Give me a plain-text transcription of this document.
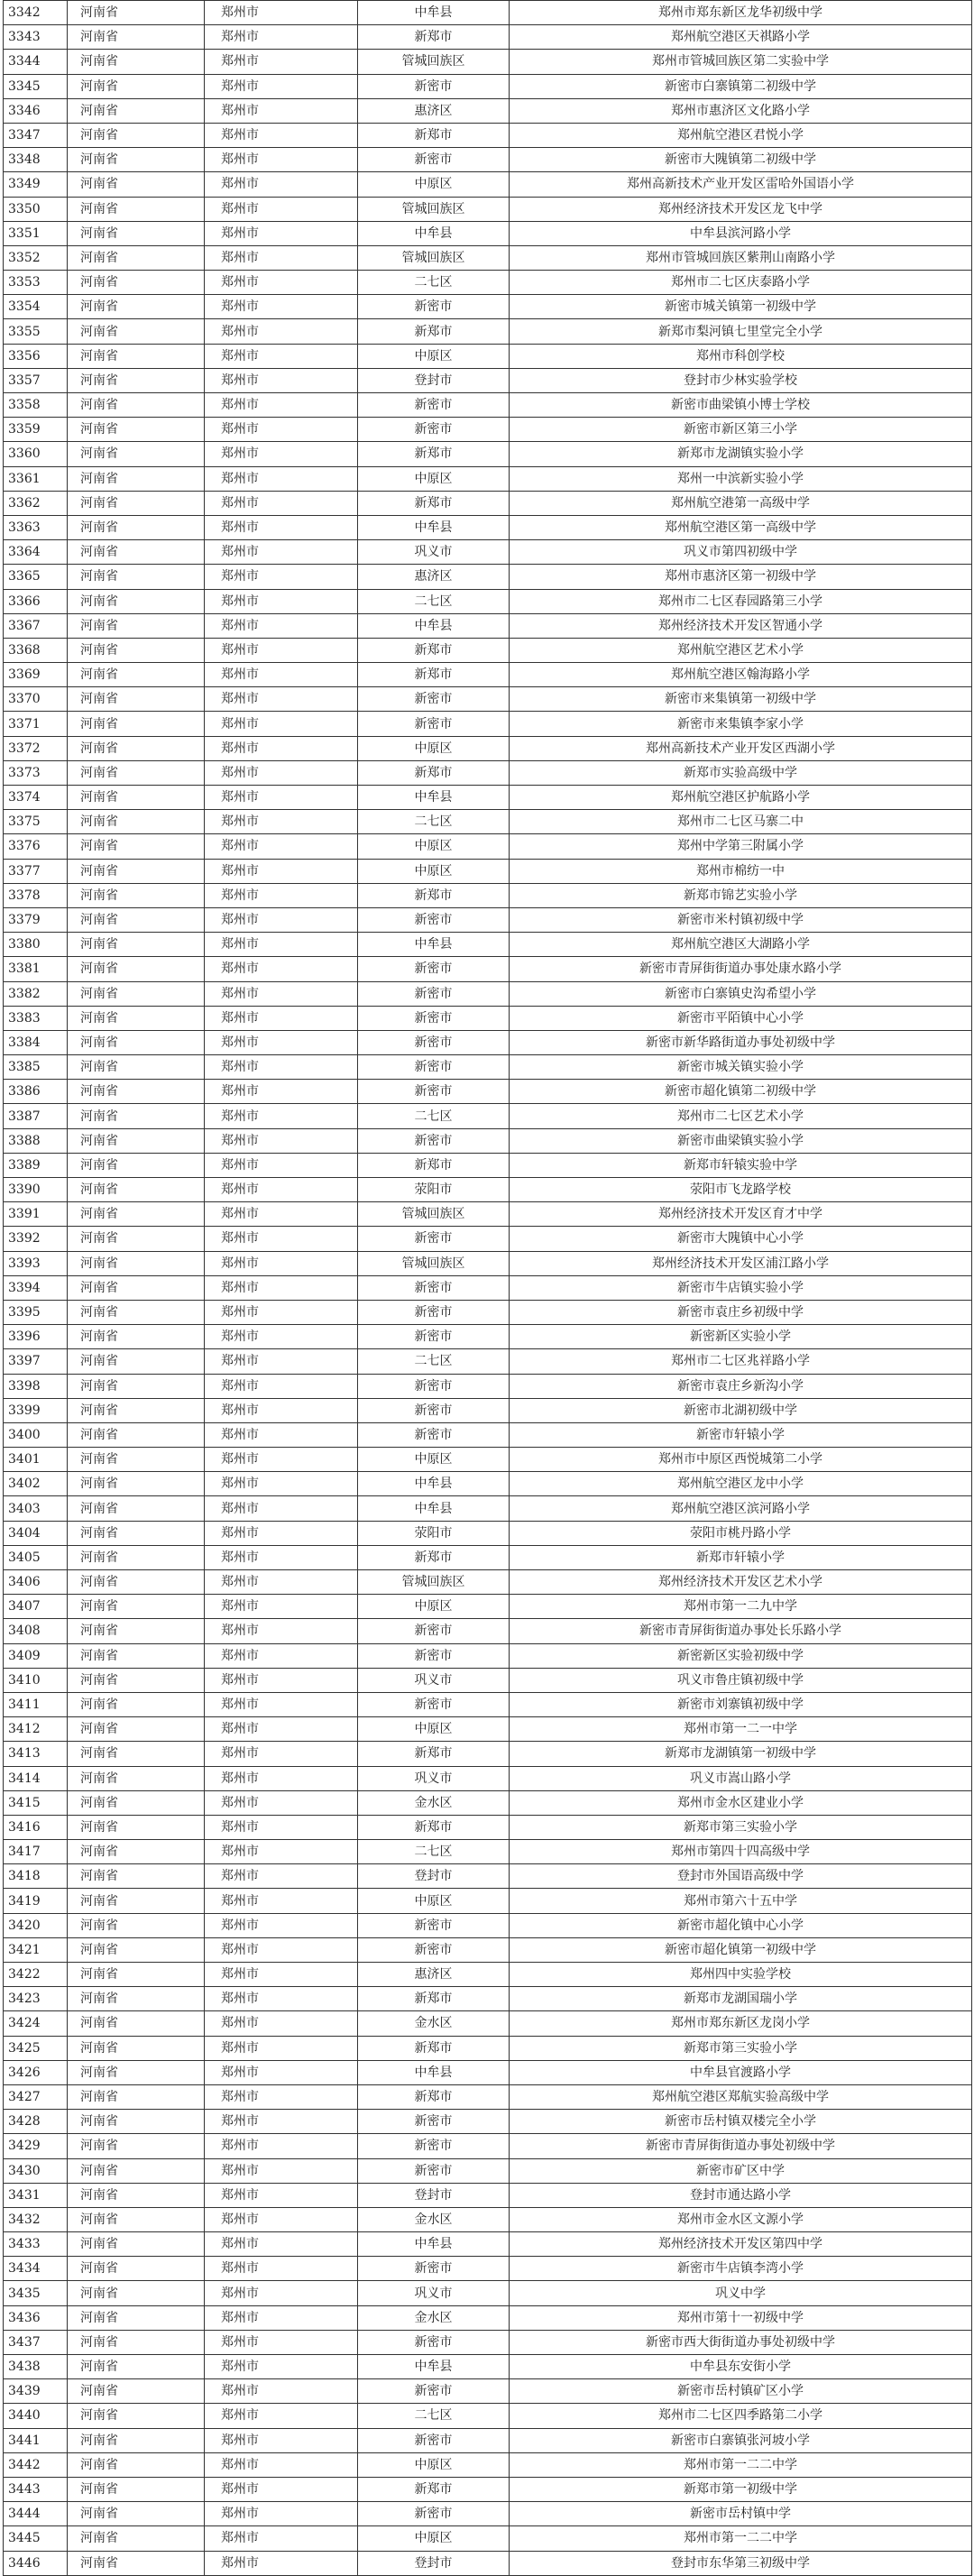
3342	河南省	郑州市	中牟县	郑州市郑东新区龙华初级中学
3343	河南省	郑州市	新郑市	郑州航空港区天祺路小学
3344	河南省	郑州市	管城回族区	郑州市管城回族区第二实验中学
3345	河南省	郑州市	新密市	新密市白寨镇第二初级中学
3346	河南省	郑州市	惠济区	郑州市惠济区文化路小学
3347	河南省	郑州市	新郑市	郑州航空港区君悦小学
3348	河南省	郑州市	新密市	新密市大隗镇第二初级中学
3349	河南省	郑州市	中原区	郑州高新技术产业开发区雷哈外国语小学
3350	河南省	郑州市	管城回族区	郑州经济技术开发区龙飞中学
3351	河南省	郑州市	中牟县	中牟县滨河路小学
3352	河南省	郑州市	管城回族区	郑州市管城回族区紫荆山南路小学
3353	河南省	郑州市	二七区	郑州市二七区庆泰路小学
3354	河南省	郑州市	新密市	新密市城关镇第一初级中学
3355	河南省	郑州市	新郑市	新郑市梨河镇七里堂完全小学
3356	河南省	郑州市	中原区	郑州市科创学校
3357	河南省	郑州市	登封市	登封市少林实验学校
3358	河南省	郑州市	新密市	新密市曲梁镇小博士学校
3359	河南省	郑州市	新密市	新密市新区第三小学
3360	河南省	郑州市	新郑市	新郑市龙湖镇实验小学
3361	河南省	郑州市	中原区	郑州一中滨新实验小学
3362	河南省	郑州市	新郑市	郑州航空港第一高级中学
3363	河南省	郑州市	中牟县	郑州航空港区第一高级中学
3364	河南省	郑州市	巩义市	巩义市第四初级中学
3365	河南省	郑州市	惠济区	郑州市惠济区第一初级中学
3366	河南省	郑州市	二七区	郑州市二七区春园路第三小学
3367	河南省	郑州市	中牟县	郑州经济技术开发区智通小学
3368	河南省	郑州市	新郑市	郑州航空港区艺术小学
3369	河南省	郑州市	新郑市	郑州航空港区翰海路小学
3370	河南省	郑州市	新密市	新密市来集镇第一初级中学
3371	河南省	郑州市	新密市	新密市来集镇李家小学
3372	河南省	郑州市	中原区	郑州高新技术产业开发区西湖小学
3373	河南省	郑州市	新郑市	新郑市实验高级中学
3374	河南省	郑州市	中牟县	郑州航空港区护航路小学
3375	河南省	郑州市	二七区	郑州市二七区马寨二中
3376	河南省	郑州市	中原区	郑州中学第三附属小学
3377	河南省	郑州市	中原区	郑州市棉纺一中
3378	河南省	郑州市	新郑市	新郑市锦艺实验小学
3379	河南省	郑州市	新密市	新密市米村镇初级中学
3380	河南省	郑州市	中牟县	郑州航空港区大湖路小学
3381	河南省	郑州市	新密市	新密市青屏街街道办事处康水路小学
3382	河南省	郑州市	新密市	新密市白寨镇史沟希望小学
3383	河南省	郑州市	新密市	新密市平陌镇中心小学
3384	河南省	郑州市	新密市	新密市新华路街道办事处初级中学
3385	河南省	郑州市	新密市	新密市城关镇实验小学
3386	河南省	郑州市	新密市	新密市超化镇第二初级中学
3387	河南省	郑州市	二七区	郑州市二七区艺术小学
3388	河南省	郑州市	新密市	新密市曲梁镇实验小学
3389	河南省	郑州市	新郑市	新郑市轩辕实验中学
3390	河南省	郑州市	荥阳市	荥阳市飞龙路学校
3391	河南省	郑州市	管城回族区	郑州经济技术开发区育才中学
3392	河南省	郑州市	新密市	新密市大隗镇中心小学
3393	河南省	郑州市	管城回族区	郑州经济技术开发区浦江路小学
3394	河南省	郑州市	新密市	新密市牛店镇实验小学
3395	河南省	郑州市	新密市	新密市袁庄乡初级中学
3396	河南省	郑州市	新密市	新密新区实验小学
3397	河南省	郑州市	二七区	郑州市二七区兆祥路小学
3398	河南省	郑州市	新密市	新密市袁庄乡新沟小学
3399	河南省	郑州市	新密市	新密市北湖初级中学
3400	河南省	郑州市	新密市	新密市轩辕小学
3401	河南省	郑州市	中原区	郑州市中原区西悦城第二小学
3402	河南省	郑州市	中牟县	郑州航空港区龙中小学
3403	河南省	郑州市	中牟县	郑州航空港区滨河路小学
3404	河南省	郑州市	荥阳市	荥阳市桃丹路小学
3405	河南省	郑州市	新郑市	新郑市轩辕小学
3406	河南省	郑州市	管城回族区	郑州经济技术开发区艺术小学
3407	河南省	郑州市	中原区	郑州市第一二九中学
3408	河南省	郑州市	新密市	新密市青屏街街道办事处长乐路小学
3409	河南省	郑州市	新密市	新密新区实验初级中学
3410	河南省	郑州市	巩义市	巩义市鲁庄镇初级中学
3411	河南省	郑州市	新密市	新密市刘寨镇初级中学
3412	河南省	郑州市	中原区	郑州市第一二一中学
3413	河南省	郑州市	新郑市	新郑市龙湖镇第一初级中学
3414	河南省	郑州市	巩义市	巩义市嵩山路小学
3415	河南省	郑州市	金水区	郑州市金水区建业小学
3416	河南省	郑州市	新郑市	新郑市第三实验小学
3417	河南省	郑州市	二七区	郑州市第四十四高级中学
3418	河南省	郑州市	登封市	登封市外国语高级中学
3419	河南省	郑州市	中原区	郑州市第六十五中学
3420	河南省	郑州市	新密市	新密市超化镇中心小学
3421	河南省	郑州市	新密市	新密市超化镇第一初级中学
3422	河南省	郑州市	惠济区	郑州四中实验学校
3423	河南省	郑州市	新郑市	新郑市龙湖国瑞小学
3424	河南省	郑州市	金水区	郑州市郑东新区龙岗小学
3425	河南省	郑州市	新郑市	新郑市第三实验小学
3426	河南省	郑州市	中牟县	中牟县官渡路小学
3427	河南省	郑州市	新郑市	郑州航空港区郑航实验高级中学
3428	河南省	郑州市	新密市	新密市岳村镇双楼完全小学
3429	河南省	郑州市	新密市	新密市青屏街街道办事处初级中学
3430	河南省	郑州市	新密市	新密市矿区中学
3431	河南省	郑州市	登封市	登封市通达路小学
3432	河南省	郑州市	金水区	郑州市金水区文源小学
3433	河南省	郑州市	中牟县	郑州经济技术开发区第四中学
3434	河南省	郑州市	新密市	新密市牛店镇李湾小学
3435	河南省	郑州市	巩义市	巩义中学
3436	河南省	郑州市	金水区	郑州市第十一初级中学
3437	河南省	郑州市	新密市	新密市西大街街道办事处初级中学
3438	河南省	郑州市	中牟县	中牟县东安街小学
3439	河南省	郑州市	新密市	新密市岳村镇矿区小学
3440	河南省	郑州市	二七区	郑州市二七区四季路第二小学
3441	河南省	郑州市	新密市	新密市白寨镇张河坡小学
3442	河南省	郑州市	中原区	郑州市第一二二中学
3443	河南省	郑州市	新郑市	新郑市第一初级中学
3444	河南省	郑州市	新密市	新密市岳村镇中学
3445	河南省	郑州市	中原区	郑州市第一二二中学
3446	河南省	郑州市	登封市	登封市东华第三初级中学
